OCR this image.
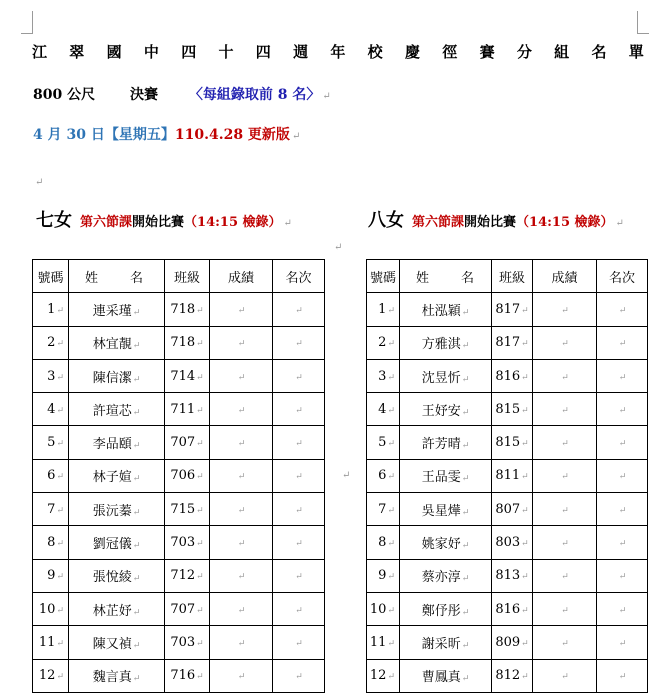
江 翠 國 中 四 十 四 週 年 校 慶 徑 賽 分 組 名 單
800 公尺 決賽 〈每組錄取前 8 名〉 ↵
4 月 30 日【星期五】110.4.28 更新版 ↵
↵
七女 第六節課開始比賽（14:15 檢錄） ↵	八女 第六節課開始比賽（14:15 檢錄） ↵
↵
↵
號碼	姓 名	班級	成績	名次
1↵	連采瑾↵	718↵	↵	↵
2↵	林宜靚↵	718↵	↵	↵
3↵	陳信潔↵	714↵	↵	↵
4↵	許瑄芯↵	711↵	↵	↵
5↵	李品頤↵	707↵	↵	↵
6↵	林子媗↵	706↵	↵	↵
7↵	張沅蓁↵	715↵	↵	↵
8↵	劉冠儀↵	703↵	↵	↵
9↵	張悅綾↵	712↵	↵	↵
10↵	林芷妤↵	707↵	↵	↵
11↵	陳又禎↵	703↵	↵	↵
12↵	魏言真↵	716↵	↵	↵
號碼	姓 名	班級	成績	名次
1↵	杜泓穎↵	817↵	↵	↵
2↵	方雅淇↵	817↵	↵	↵
3↵	沈昱忻↵	816↵	↵	↵
4↵	王妤安↵	815↵	↵	↵
5↵	許芳晴↵	815↵	↵	↵
6↵	王品雯↵	811↵	↵	↵
7↵	吳星燁↵	807↵	↵	↵
8↵	姚家妤↵	803↵	↵	↵
9↵	蔡亦淳↵	813↵	↵	↵
10↵	鄭伃彤↵	816↵	↵	↵
11↵	謝采昕↵	809↵	↵	↵
12↵	曹鳳真↵	812↵	↵	↵
